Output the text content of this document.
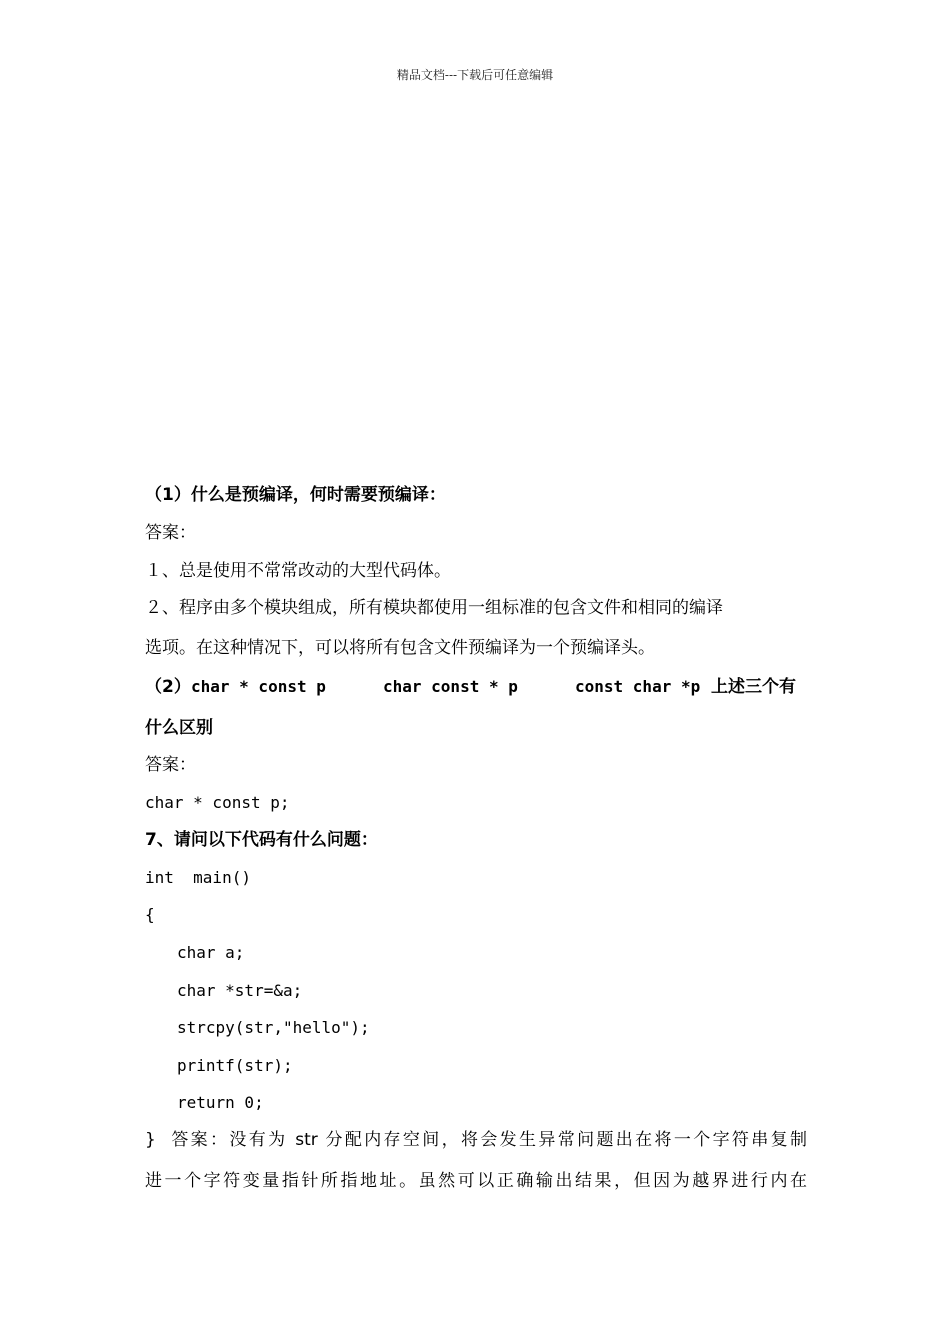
精品文档---下载后可任意编辑
（1）什么是预编译，何时需要预编译：
答案：
１、总是使用不常常改动的大型代码体。
２、程序由多个模块组成，所有模块都使用一组标准的包含文件和相同的编译
选项。在这种情况下，可以将所有包含文件预编译为一个预编译头。

（2）

char * const p

	char const * p

	const char *p

上述三个有

什么区别
答案：
char * const p;
7、请问以下代码有什么问题：
int  main()
{
char a;
char *str=&a;
strcpy(str,"hello");
printf(str);
return 0;
}  答案：没有为 str 分配内存空间，将会发生异常问题出在将一个字符串复制
进一个字符变量指针所指地址。虽然可以正确输出结果，但因为越界进行内在
